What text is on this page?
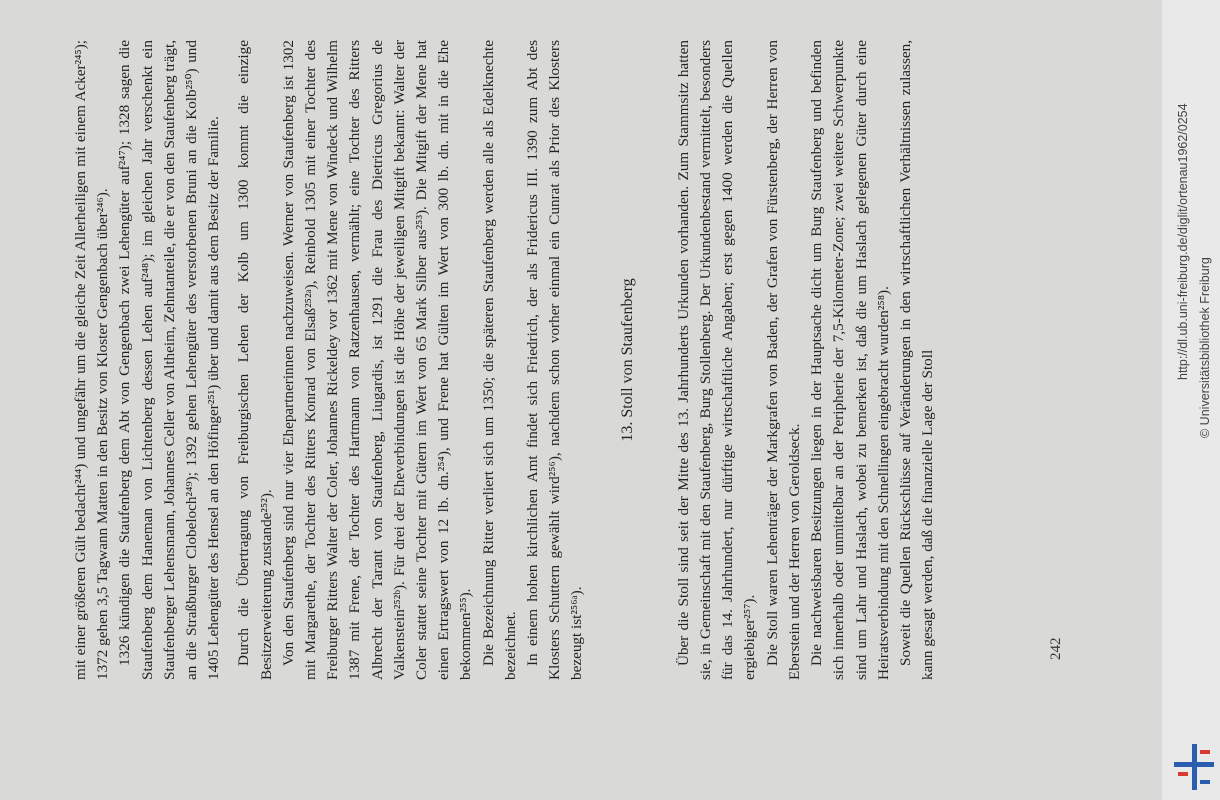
mit einer größeren Gült bedacht²⁴⁴) und ungefähr um die gleiche Zeit Allerheiligen mit einem Acker²⁴⁵); 1372 gehen 3,5 Tagwann Matten in den Besitz von Kloster Gengenbach über²⁴⁶). 1326 kündigen die Staufenberg dem Abt von Gengenbach zwei Lehengüter auf²⁴⁷); 1328 sagen die Staufenberg dem Haneman von Lichtenberg dessen Lehen auf²⁴⁸); im gleichen Jahr verschenkt ein Staufenberger Lehensmann, Johannes Celler von Altheim, Zehntanteile, die er von den Staufenberg trägt, an die Straßburger Clobeloch²⁴⁹); 1392 gehen Lehengüter des verstorbenen Bruni an die Kolb²⁵⁰) und 1405 Lehengüter des Hensel an den Höfinger²⁵¹) über und damit aus dem Besitz der Familie. Durch die Übertragung von Freiburgischen Lehen der Kolb um 1300 kommt die einzige Besitzerweiterung zustande²⁵²). Von den Staufenberg sind nur vier Ehepartnerinnen nachzuweisen. Werner von Staufenberg ist 1302 mit Margarethe, der Tochter des Ritters Konrad von Elsaß²⁵²ᵃ), Reinbold 1305 mit einer Tochter des Freiburger Ritters Walter der Coler, Johannes Rickeldey vor 1362 mit Mene von Windeck und Wilhelm 1387 mit Frene, der Tochter des Hartmann von Ratzenhausen, vermählt; eine Tochter des Ritters Albrecht der Tarant von Staufenberg, Liugardis, ist 1291 die Frau des Dietricus Gregorius de Valkenstein²⁵²ᵇ). Für drei der Eheverbindungen ist die Höhe der jeweiligen Mitgift bekannt: Walter der Coler stattet seine Tochter mit Gütern im Wert von 65 Mark Silber aus²⁵³). Die Mitgift der Mene hat einen Ertragswert von 12 lb. dn.²⁵⁴), und Frene hat Gülten im Wert von 300 lb. dn. mit in die Ehe bekommen²⁵⁵). Die Bezeichnung Ritter verliert sich um 1350; die späteren Staufenberg werden alle als Edelknechte bezeichnet. In einem hohen kirchlichen Amt findet sich Friedrich, der als Fridericus III. 1390 zum Abt des Klosters Schuttern gewählt wird²⁵⁶), nachdem schon vorher einmal ein Cunrat als Prior des Klosters bezeugt ist²⁵⁶ᵃ).

13. Stoll von Staufenberg	Über die Stoll sind seit der Mitte des 13. Jahrhunderts Urkunden vorhanden. Zum Stammsitz hatten sie, in Gemeinschaft mit den Staufenberg, Burg Stollenberg. Der Urkundenbestand vermittelt, besonders für das 14. Jahrhundert, nur dürftige wirtschaftliche Angaben; erst gegen 1400 werden die Quellen ergiebiger²⁵⁷). Die Stoll waren Lehenträger der Markgrafen von Baden, der Grafen von Fürstenberg, der Herren von Eberstein und der Herren von Geroldseck. Die nachweisbaren Besitzungen liegen in der Hauptsache dicht um Burg Staufenberg und befinden sich innerhalb oder unmittelbar an der Peripherie der 7,5-Kilometer-Zone; zwei weitere Schwerpunkte sind um Lahr und Haslach, wobei zu bemerken ist, daß die um Haslach gelegenen Güter durch eine Heiratsverbindung mit den Schnellingen eingebracht wurden²⁵⁸). Soweit die Quellen Rückschlüsse auf Veränderungen in den wirtschaftlichen Verhältnissen zulassen, kann gesagt werden, daß die finanzielle Lage der Stoll	242
http://dl.ub.uni-freiburg.de/diglit/ortenau1962/0254 © Universitätsbibliothek Freiburg
